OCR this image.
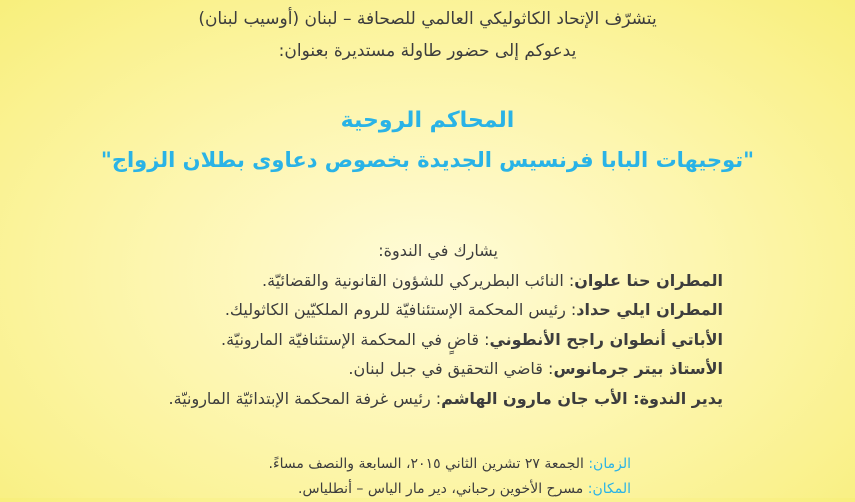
يتشرّف الإتحاد الكاثوليكي العالمي للصحافة – لبنان (أوسيب لبنان)
يدعوكم إلى حضور طاولة مستديرة بعنوان:
المحاكم الروحية
"توجيهات البابا فرنسيس الجديدة بخصوص دعاوى بطلان الزواج"
يشارك في الندوة:
المطران حنا علوان: النائب البطريركي للشؤون القانونية والقضائيّة.
المطران ايلي حداد: رئيس المحكمة الإستئنافيّة للروم الملكيّين الكاثوليك.
الأباتي أنطوان راجح الأنطوني: قاضٍ في المحكمة الإستئنافيّة المارونيّة.
الأستاذ بيتر جرمانوس: قاضي التحقيق في جبل لبنان.
يدير الندوة: الأب جان مارون الهاشم: رئيس غرفة المحكمة الإبتدائيّة المارونيّة.
الزمان: الجمعة ٢٧ تشرين الثاني ٢٠١٥، السابعة والنصف مساءً.
المكان: مسرح الأخوين رحباني، دير مار الياس – أنطلياس.
